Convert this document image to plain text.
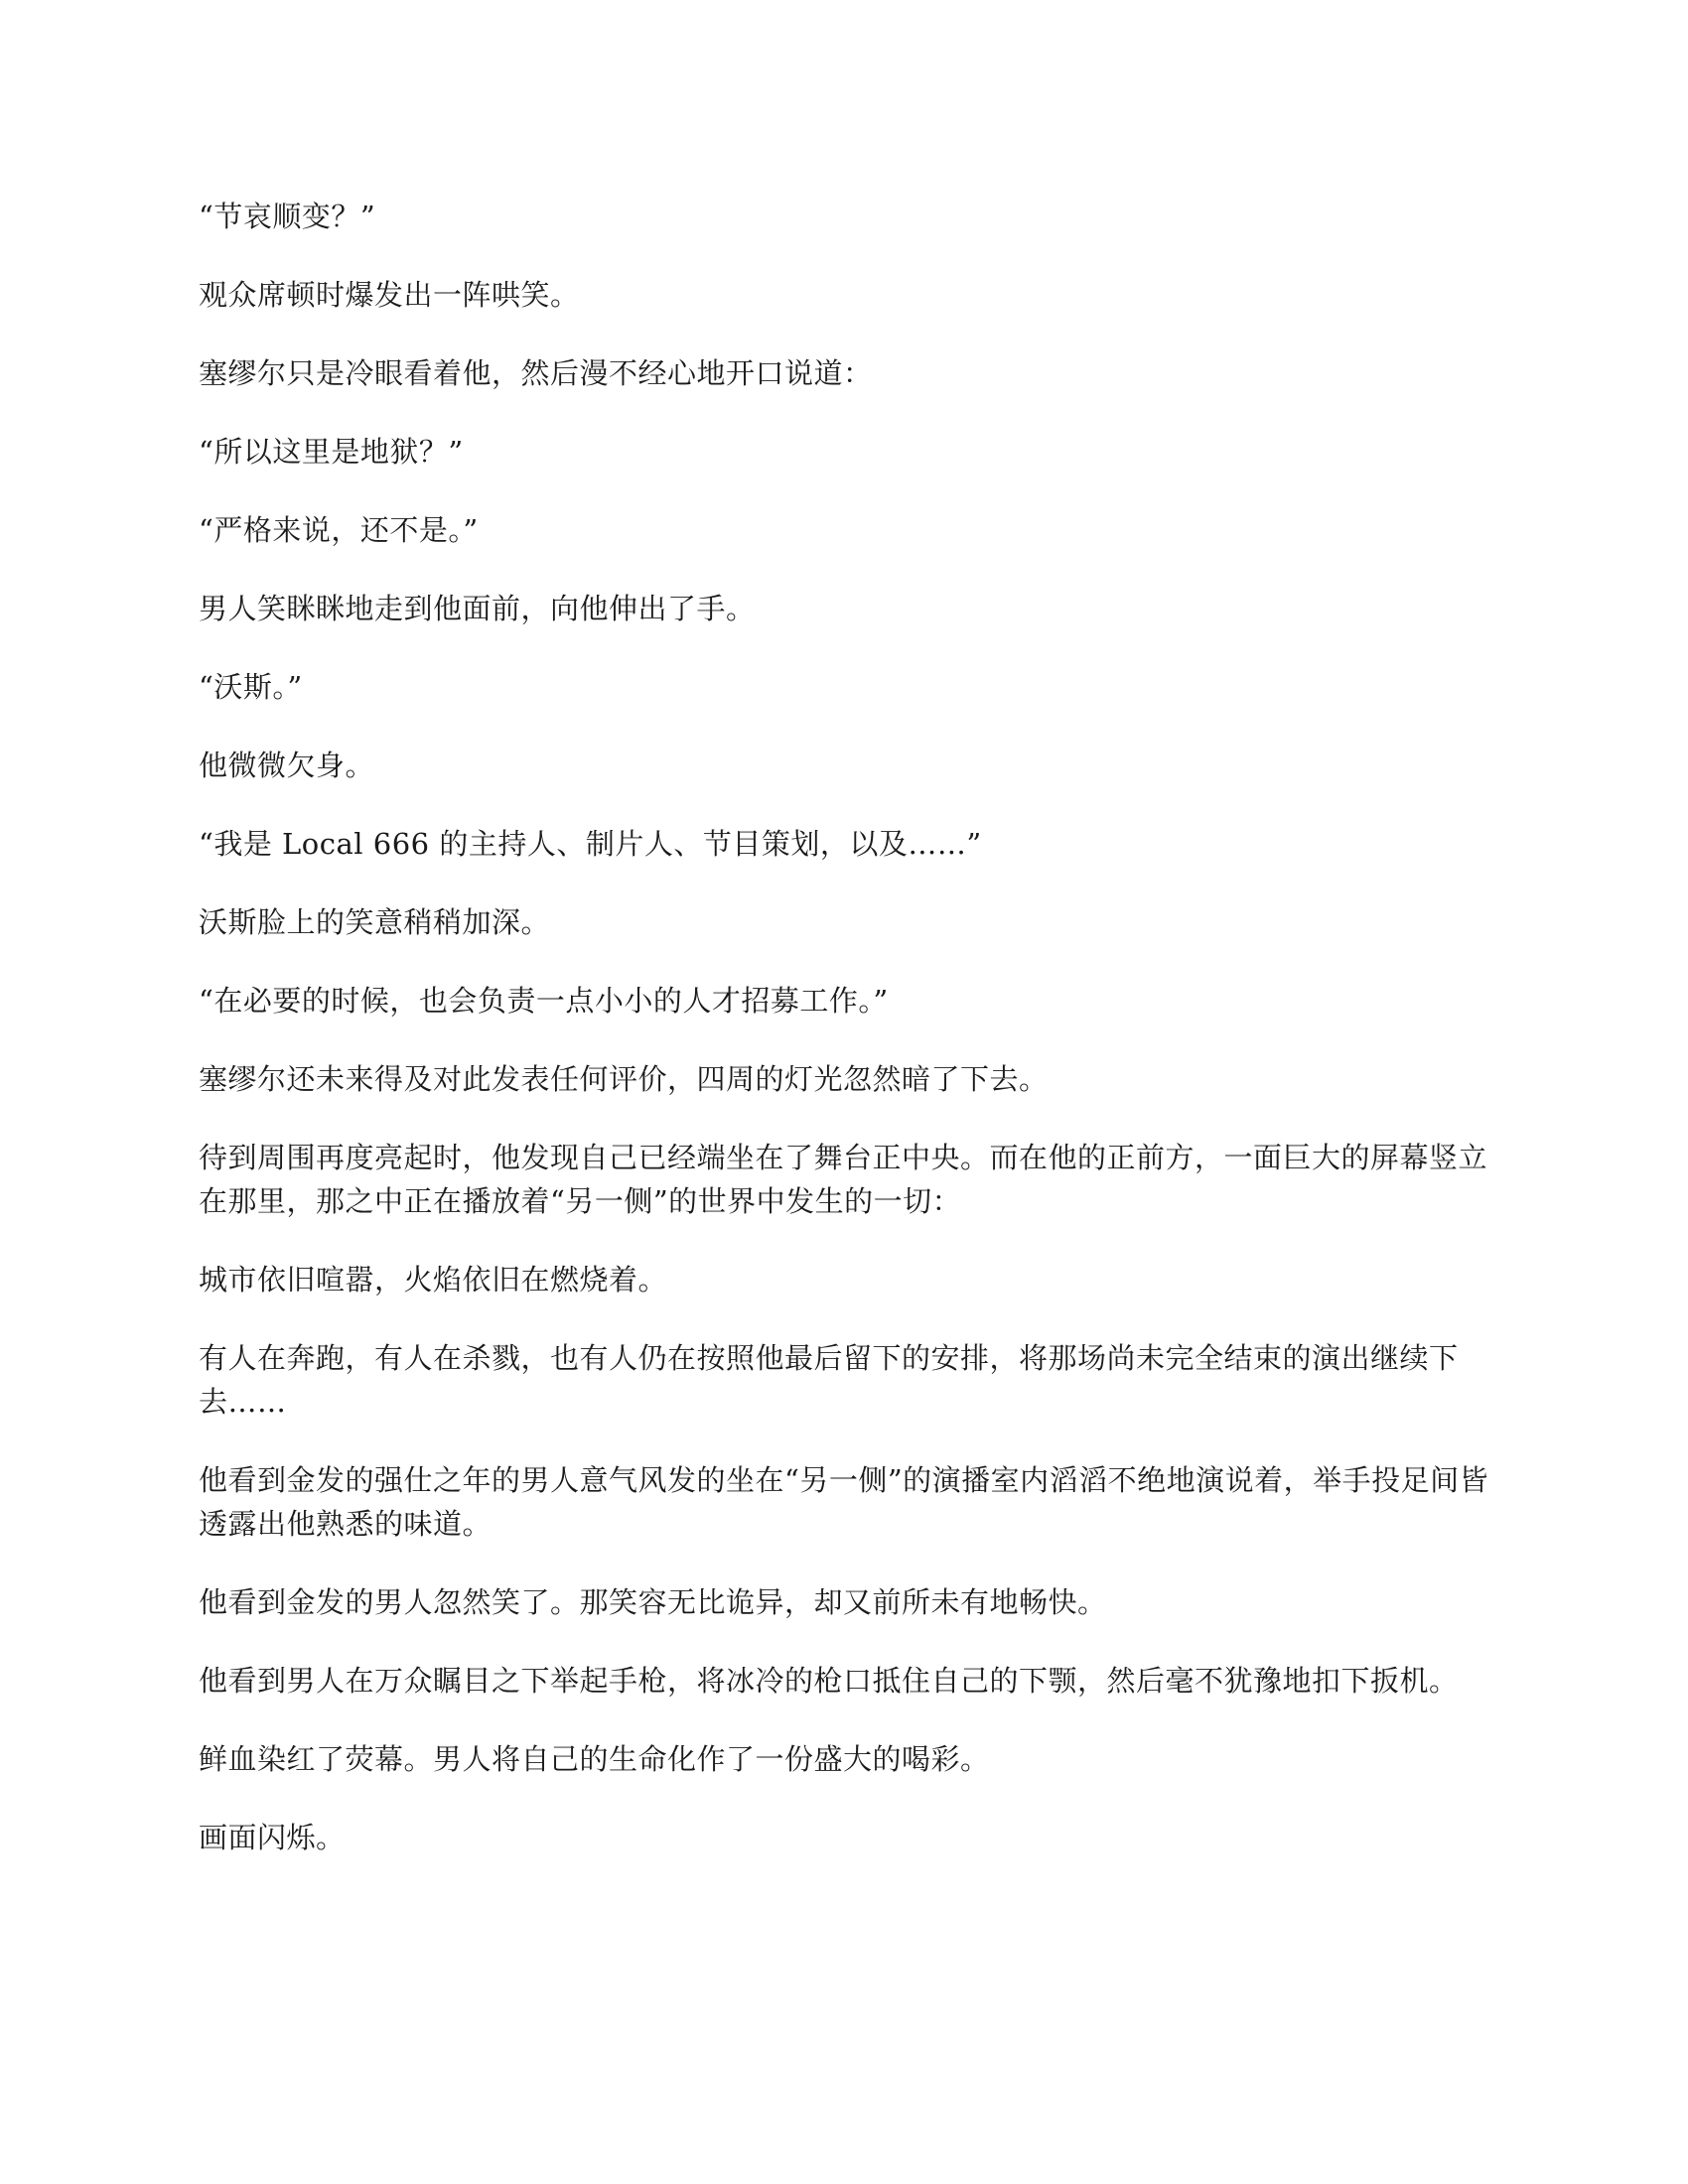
“节哀顺变？”

观众席顿时爆发出一阵哄笑。

塞缪尔只是冷眼看着他，然后漫不经心地开口说道：

“所以这里是地狱？”

“严格来说，还不是。”

男人笑眯眯地走到他面前，向他伸出了手。

“沃斯。”

他微微欠身。

“我是 Local 666 的主持人、制片人、节目策划，以及……”

沃斯脸上的笑意稍稍加深。

“在必要的时候，也会负责一点小小的人才招募工作。”

塞缪尔还未来得及对此发表任何评价，四周的灯光忽然暗了下去。

待到周围再度亮起时，他发现自己已经端坐在了舞台正中央。而在他的正前方，一面巨大的屏幕竖立在那里，那之中正在播放着“另一侧”的世界中发生的一切：

城市依旧喧嚣，火焰依旧在燃烧着。

有人在奔跑，有人在杀戮，也有人仍在按照他最后留下的安排，将那场尚未完全结束的演出继续下去……

他看到金发的强仕之年的男人意气风发的坐在“另一侧”的演播室内滔滔不绝地演说着，举手投足间皆透露出他熟悉的味道。

他看到金发的男人忽然笑了。那笑容无比诡异，却又前所未有地畅快。

他看到男人在万众瞩目之下举起手枪，将冰冷的枪口抵住自己的下颚，然后毫不犹豫地扣下扳机。

鲜血染红了荧幕。男人将自己的生命化作了一份盛大的喝彩。

画面闪烁。
